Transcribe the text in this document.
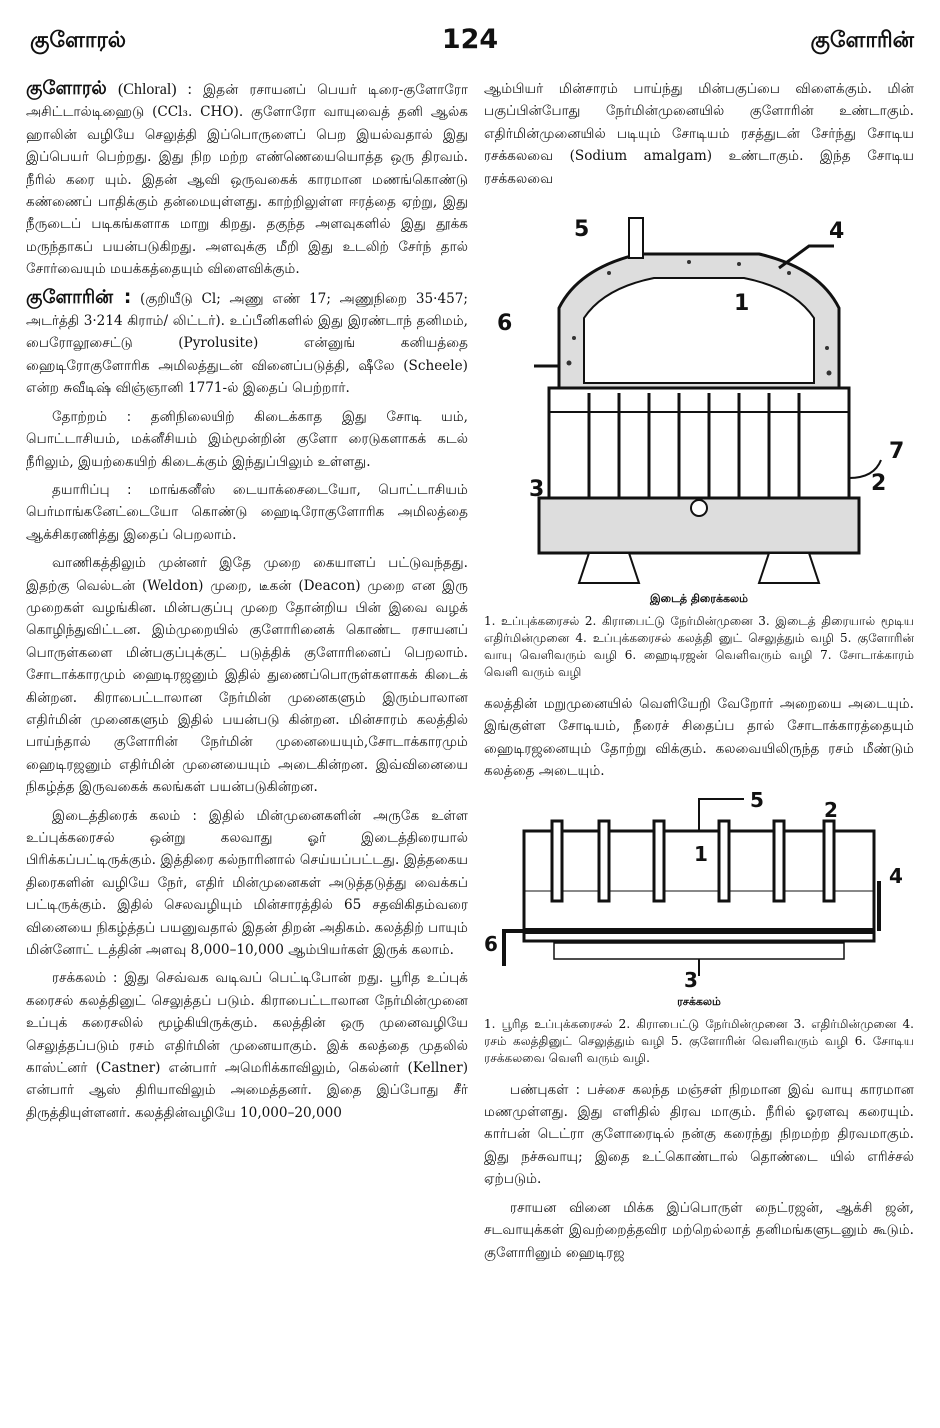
குளோரல்	124	குளோரின்

குளோரல் (Chloral) : இதன் ரசாயனப் பெயர் டிரை-குளோரோ அசிட்டால்டிஹைடு (CCl₃. CHO). குளோரோ வாயுவைத் தனி ஆல்க ஹாலின் வழியே செலுத்தி இப்பொருளைப் பெற இயல்வதால் இது இப்பெயர் பெற்றது. இது நிற மற்ற எண்ணெயையொத்த ஒரு திரவம். நீரில் கரை யும். இதன் ஆவி ஒருவகைக் காரமான மணங்கொண்டு கண்ணைப் பாதிக்கும் தன்மையுள்ளது. காற்றிலுள்ள ஈரத்தை ஏற்று, இது நீருடைப் படிகங்களாக மாறு கிறது. தகுந்த அளவுகளில் இது தூக்க மருந்தாகப் பயன்படுகிறது. அளவுக்கு மீறி இது உடலிற் சேர்ந் தால் சோர்வையும் மயக்கத்தையும் விளைவிக்கும்.

குளோரின் : (குறியீடு Cl; அணு எண் 17; அணுநிறை 35·457; அடர்த்தி 3·214 கிராம்/ லிட்டர்). உப்பீனிகளில் இது இரண்டாந் தனிமம், பைரோலூசைட்டு (Pyrolusite) என்னுங் கனியத்தை ஹைடிரோகுளோரிக அமிலத்துடன் வினைப்படுத்தி, ஷீலே (Scheele) என்ற சுவீடிஷ் விஞ்ஞானி 1771-ல் இதைப் பெற்றார்.

தோற்றம் : தனிநிலையிற் கிடைக்காத இது சோடி யம், பொட்டாசியம், மக்னீசியம் இம்மூன்றின் குளோ ரைடுகளாகக் கடல் நீரிலும், இயற்கையிற் கிடைக்கும் இந்துப்பிலும் உள்ளது.

தயாரிப்பு : மாங்கனீஸ் டையாக்சைடையோ, பொட்டாசியம் பெர்மாங்கனேட்டையோ கொண்டு ஹைடிரோகுளோரிக அமிலத்தை ஆக்சிகரணித்து இதைப் பெறலாம்.

வாணிகத்திலும் முன்னர் இதே முறை கையாளப் பட்டுவந்தது. இதற்கு வெல்டன் (Weldon) முறை, டீகன் (Deacon) முறை என இரு முறைகள் வழங்கின. மின்பகுப்பு முறை தோன்றிய பின் இவை வழக் கொழிந்துவிட்டன. இம்முறையில் குளோரினைக் கொண்ட ரசாயனப் பொருள்களை மின்பகுப்புக்குட் படுத்திக் குளோரினைப் பெறலாம். சோடாக்காரமும் ஹைடிரஜனும் இதில் துணைப்பொருள்களாகக் கிடைக் கின்றன. கிராபைட்டாலான நேர்மின் முனைகளும் இரும்பாலான எதிர்மின் முனைகளும் இதில் பயன்படு கின்றன. மின்சாரம் கலத்தில் பாய்ந்தால் குளோரின் நேர்மின் முனையையும்,சோடாக்காரமும் ஹைடிரஜனும் எதிர்மின் முனையையும் அடைகின்றன. இவ்வினையை நிகழ்த்த இருவகைக் கலங்கள் பயன்படுகின்றன.

இடைத்திரைக் கலம் : இதில் மின்முனைகளின் அருகே உள்ள உப்புக்கரைசல் ஒன்று கலவாது ஓர் இடைத்திரையால் பிரிக்கப்பட்டிருக்கும். இத்திரை கல்நாரினால் செய்யப்பட்டது. இத்தகைய திரைகளின் வழியே நேர், எதிர் மின்முனைகள் அடுத்தடுத்து வைக்கப் பட்டிருக்கும். இதில் செலவழியும் மின்சாரத்தில் 65 சதவிகிதம்வரை வினையை நிகழ்த்தப் பயனுவதால் இதன் திறன் அதிகம். கலத்திற் பாயும் மின்னோட் டத்தின் அளவு 8,000–10,000 ஆம்பியர்கள் இருக் கலாம்.

ரசக்கலம் : இது செவ்வக வடிவப் பெட்டிபோன் றது. பூரித உப்புக் கரைசல் கலத்தினுட் செலுத்தப் படும். கிராபைட்டாலான நேர்மின்முனை உப்புக் கரைசலில் மூழ்கியிருக்கும். கலத்தின் ஒரு முனைவழியே செலுத்தப்படும் ரசம் எதிர்மின் முனையாகும். இக் கலத்தை முதலில் காஸ்ட்னர் (Castner) என்பார் அமெரிக்காவிலும், கெல்னர் (Kellner) என்பார் ஆஸ் திரியாவிலும் அமைத்தனர். இதை இப்போது சீர் திருத்தியுள்ளனர். கலத்தின்வழியே 10,000–20,000

ஆம்பியர் மின்சாரம் பாய்ந்து மின்பகுப்பை விளைக்கும். மின் பகுப்பின்போது நேர்மின்முனையில் குளோரின் உண்டாகும். எதிர்மின்முனையில் படியும் சோடியம் ரசத்துடன் சேர்ந்து சோடிய ரசக்கலவை (Sodium amalgam) உண்டாகும். இந்த சோடிய ரசக்கலவை

5	4
1
6
7
2
3
இடைத் திரைக்கலம்
1. உப்புக்கரைசல் 2. கிராபைட்டு நேர்மின்முனை 3. இடைத் திரையால் மூடிய எதிர்மின்முனை 4. உப்புக்கரைசல் கலத்தி னுட் செலுத்தும் வழி 5. குளோரின் வாயு வெளிவரும் வழி 6. ஹைடிரஜன் வெளிவரும் வழி 7. சோடாக்காரம் வெளி வரும் வழி

கலத்தின் மறுமுனையில் வெளியேறி வேறோர் அறையை அடையும். இங்குள்ள சோடியம், நீரைச் சிதைப்ப தால் சோடாக்காரத்தையும் ஹைடிரஜனையும் தோற்று விக்கும். கலவையிலிருந்த ரசம் மீண்டும் கலத்தை அடையும்.

5	2
1
4
6
3
ரசக்கலம்
1. பூரித உப்புக்கரைசல் 2. கிராபைட்டு நேர்மின்முனை 3. எதிர்மின்முனை 4. ரசம் கலத்தினுட் செலுத்தும் வழி 5. குளோரின் வெளிவரும் வழி 6. சோடிய ரசக்கலவை வெளி வரும் வழி.

பண்புகள் : பச்சை கலந்த மஞ்சள் நிறமான இவ் வாயு காரமான மணமுள்ளது. இது எளிதில் திரவ மாகும். நீரில் ஓரளவு கரையும். கார்பன் டெட்ரா குளோரைடில் நன்கு கரைந்து நிறமற்ற திரவமாகும். இது நச்சுவாயு; இதை உட்கொண்டால் தொண்டை யில் எரிச்சல் ஏற்படும்.

ரசாயன வினை மிக்க இப்பொருள் நைட்ரஜன், ஆக்சி ஜன், சடவாயுக்கள் இவற்றைத்தவிர மற்றெல்லாத் தனிமங்களுடனும் கூடும். குளோரினும் ஹைடிரஜ
